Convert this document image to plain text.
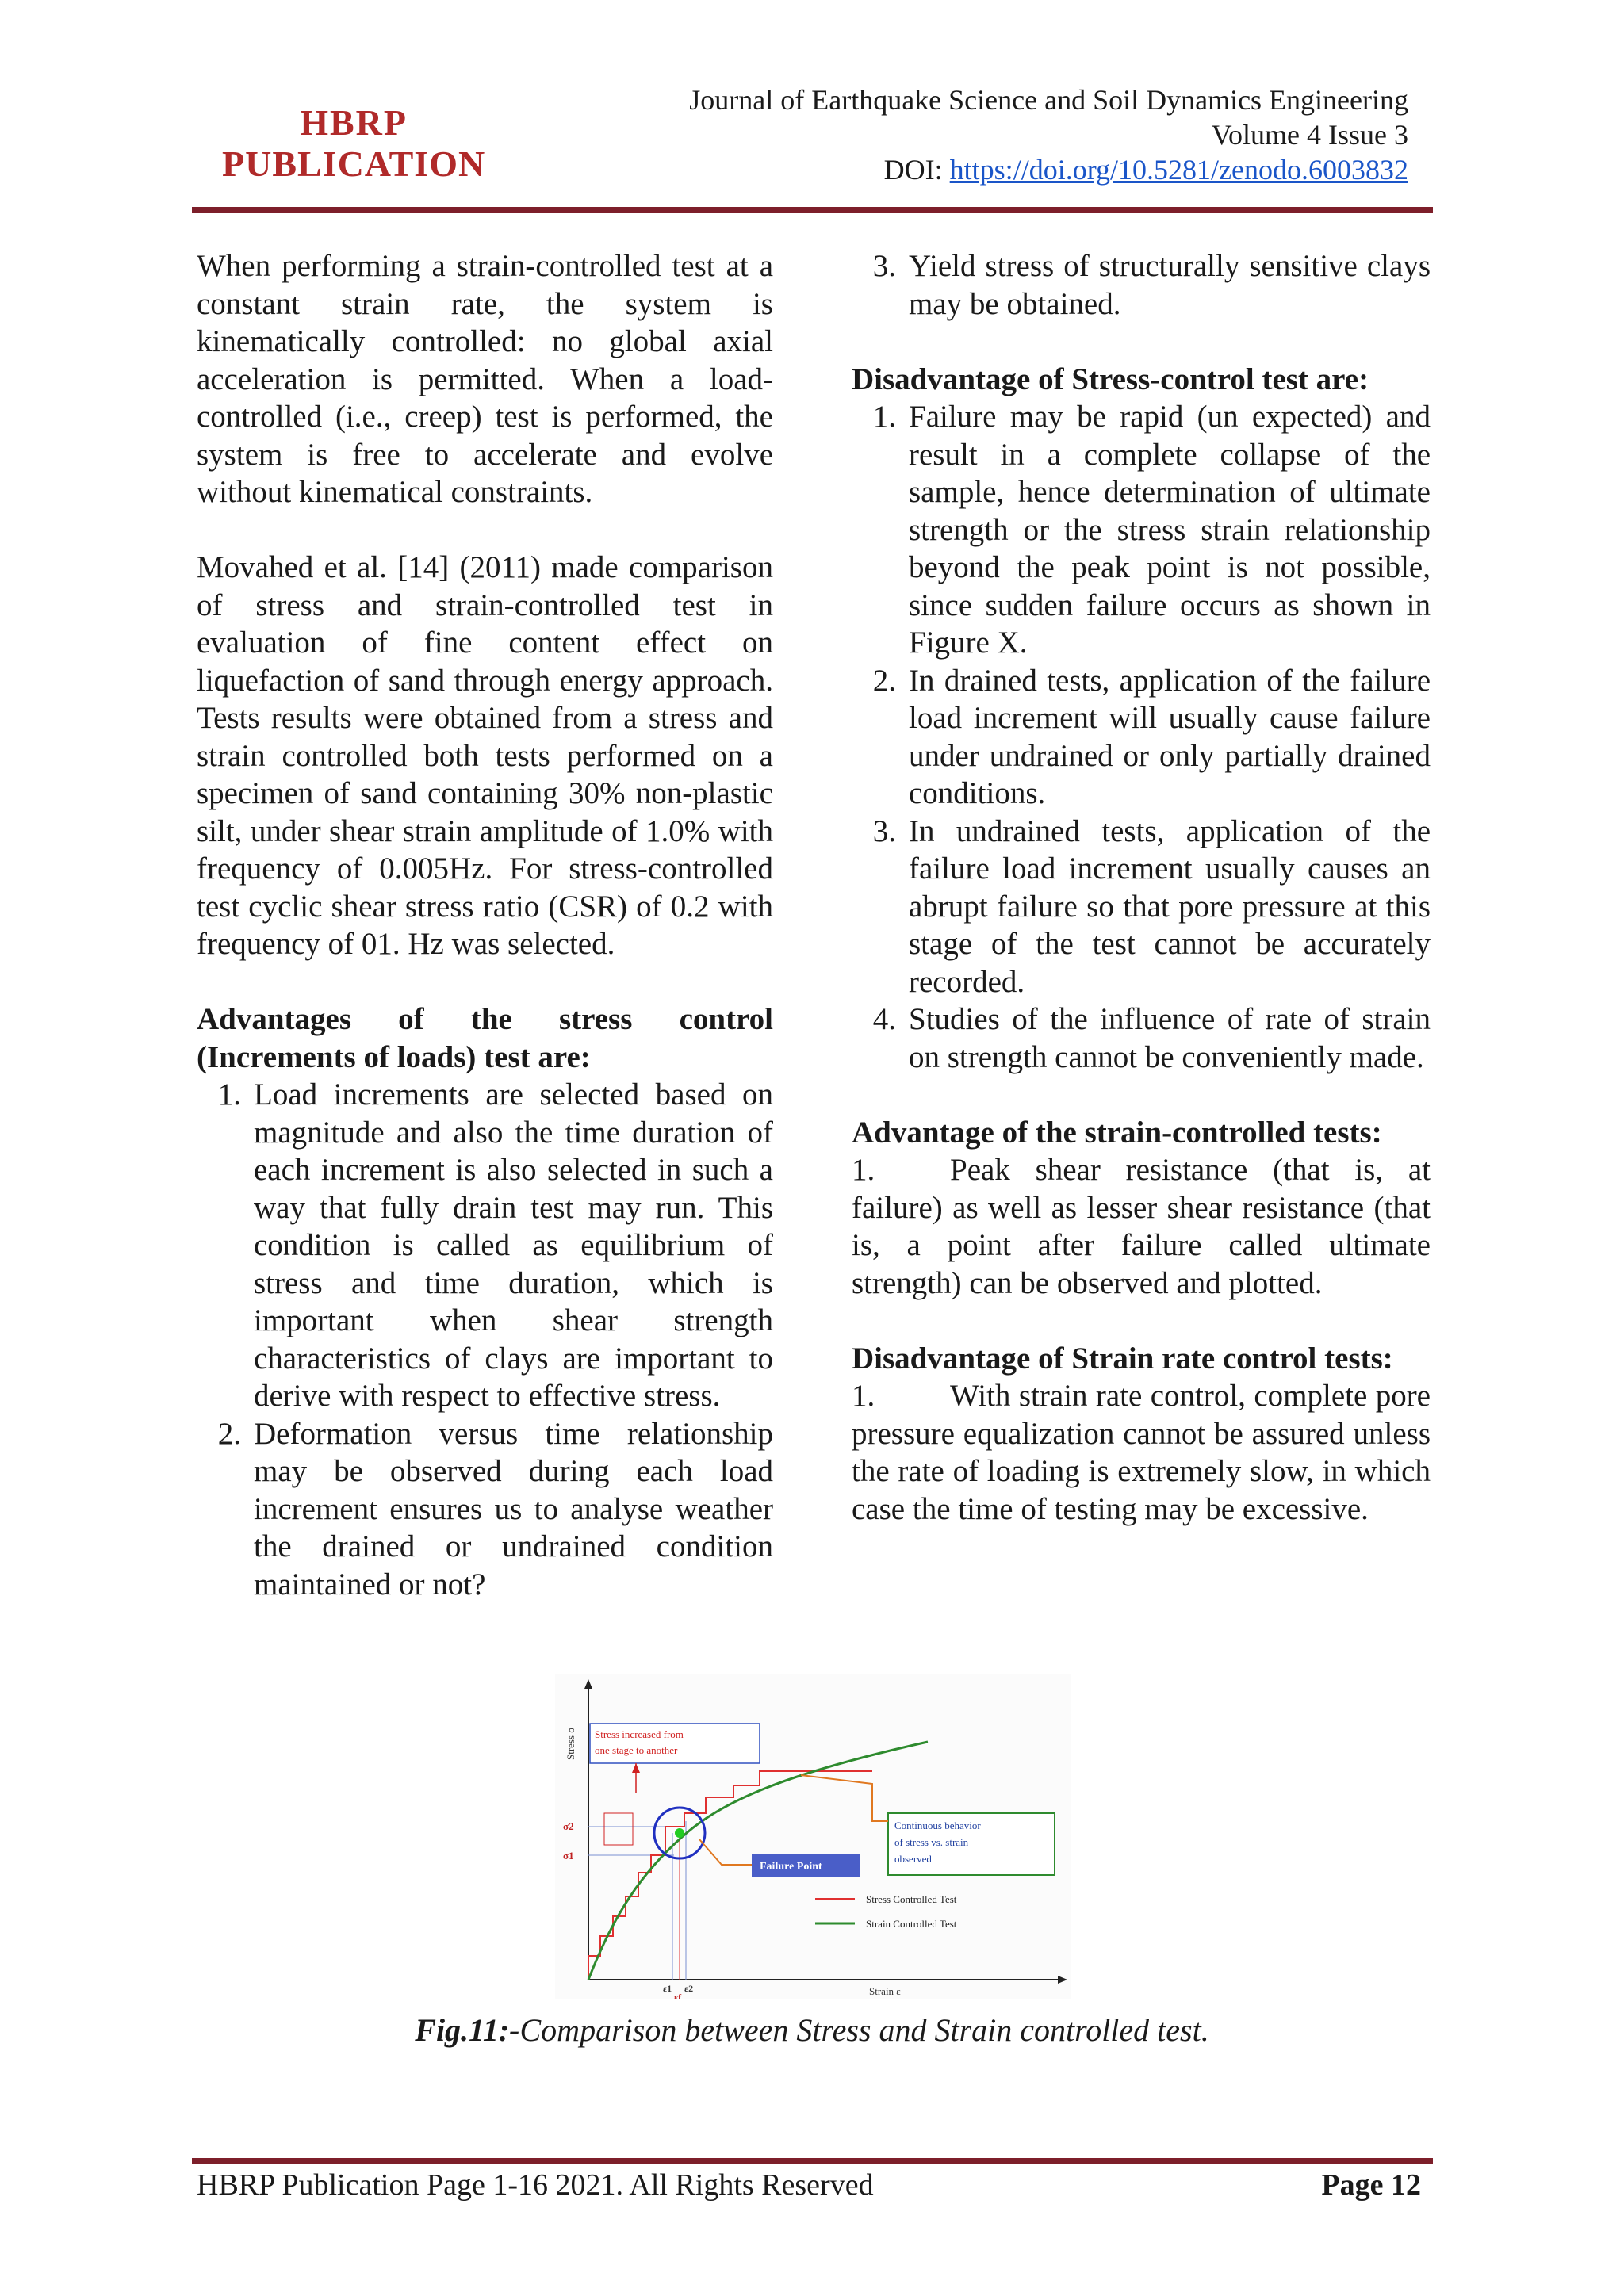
HBRP
PUBLICATION
Journal of Earthquake Science and Soil Dynamics Engineering
Volume 4 Issue 3
DOI: https://doi.org/10.5281/zenodo.6003832

When performing a strain-controlled test at a constant strain rate, the system is kinematically controlled: no global axial acceleration is permitted. When a load-controlled (i.e., creep) test is performed, the system is free to accelerate and evolve without kinematical constraints.

Movahed et al. [14] (2011) made comparison of stress and strain-controlled test in evaluation of fine content effect on liquefaction of sand through energy approach. Tests results were obtained from a stress and strain controlled both tests performed on a specimen of sand containing 30% non-plastic silt, under shear strain amplitude of 1.0% with frequency of 0.005Hz. For stress-controlled test cyclic shear stress ratio (CSR) of 0.2 with frequency of 01. Hz was selected.

Advantages of the stress control (Increments of loads) test are:

1. Load increments are selected based on magnitude and also the time duration of each increment is also selected in such a way that fully drain test may run. This condition is called as equilibrium of stress and time duration, which is important when shear strength characteristics of clays are important to derive with respect to effective stress.
2. Deformation versus time relationship may be observed during each load increment ensures us to analyse weather the drained or undrained condition maintained or not?
3. Yield stress of structurally sensitive clays may be obtained.

Disadvantage of Stress-control test are:

1. Failure may be rapid (un expected) and result in a complete collapse of the sample, hence determination of ultimate strength or the stress strain relationship beyond the peak point is not possible, since sudden failure occurs as shown in Figure X.
2. In drained tests, application of the failure load increment will usually cause failure under undrained or only partially drained conditions.
3. In undrained tests, application of the failure load increment usually causes an abrupt failure so that pore pressure at this stage of the test cannot be accurately recorded.
4. Studies of the influence of rate of strain on strength cannot be conveniently made.

Advantage of the strain-controlled tests:

1. Peak shear resistance (that is, at failure) as well as lesser shear resistance (that is, a point after failure called ultimate strength) can be observed and plotted.

Disadvantage of Strain rate control tests:

1. With strain rate control, complete pore pressure equalization cannot be assured unless the rate of loading is extremely slow, in which case the time of testing may be excessive.

Stress σ
Strain ε
σ2
σ1
ε1 ε2
εf
Stress increased from
one stage to another
Continuous behavior
of stress vs. strain
observed
Failure Point
Stress Controlled Test
Strain Controlled Test
Fig.11:-Comparison between Stress and Strain controlled test.
HBRP Publication Page 1-16 2021. All Rights Reserved	Page 12
